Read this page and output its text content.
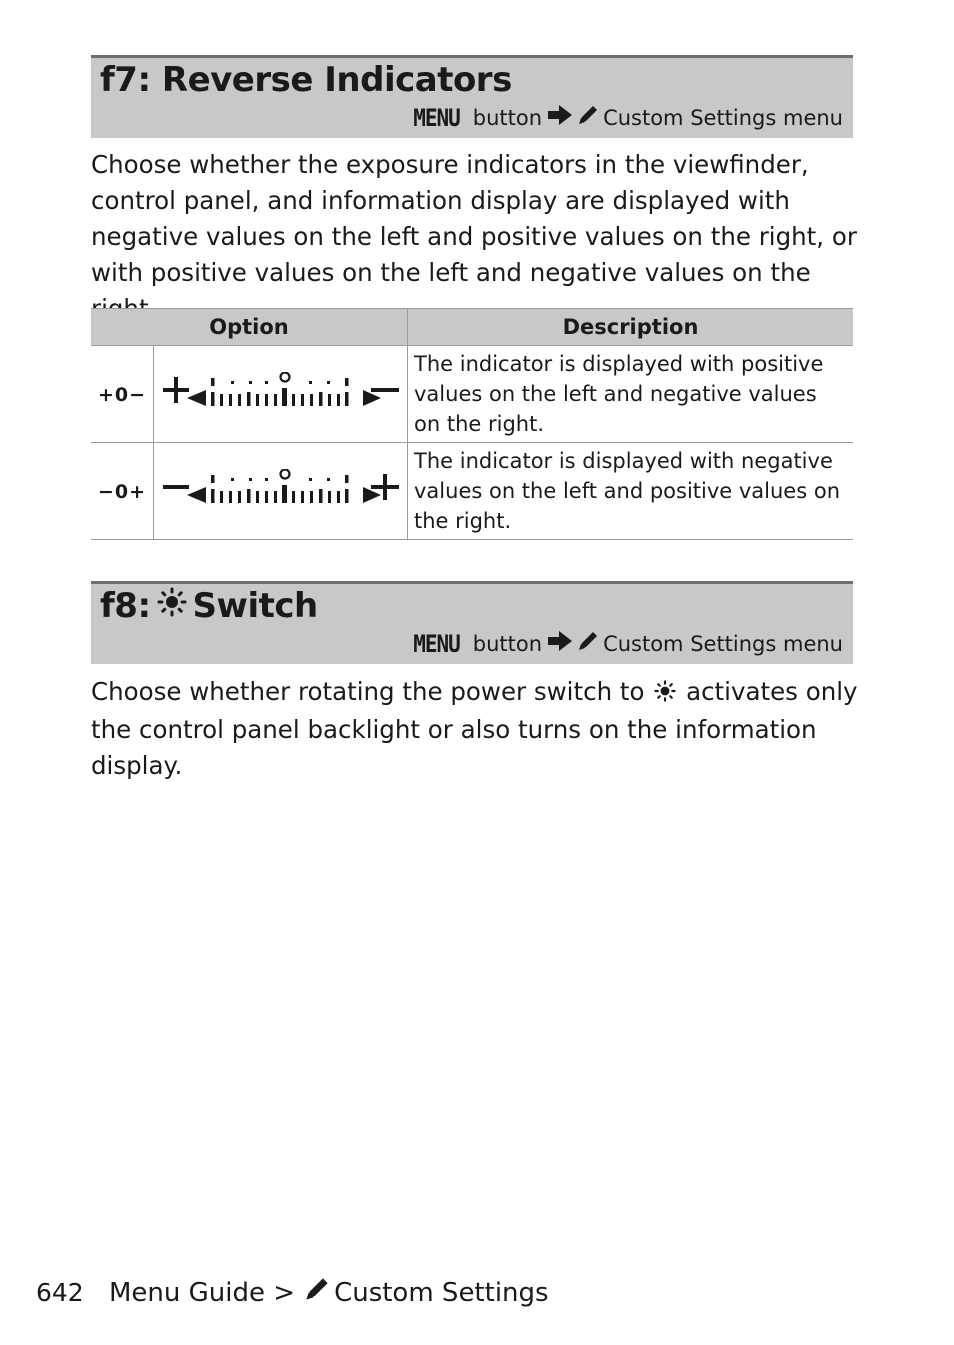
f7: Reverse Indicators
MENU button	Custom Settings menu
Choose whether the exposure indicators in the viewfinder, control panel, and information display are displayed with negative values on the left and positive values on the right, or with positive values on the left and negative values on the
Option		Description
+0−		The indicator is displayed with positive values on the left and negative values on the right.
−0+		The indicator is displayed with negative values on the left and positive values on the right.
f8: Switch
MENU button	Custom Settings menu
Choose whether rotating the power switch to activates only the control panel backlight or also turns on the information display.
642 Menu Guide > Custom Settings
